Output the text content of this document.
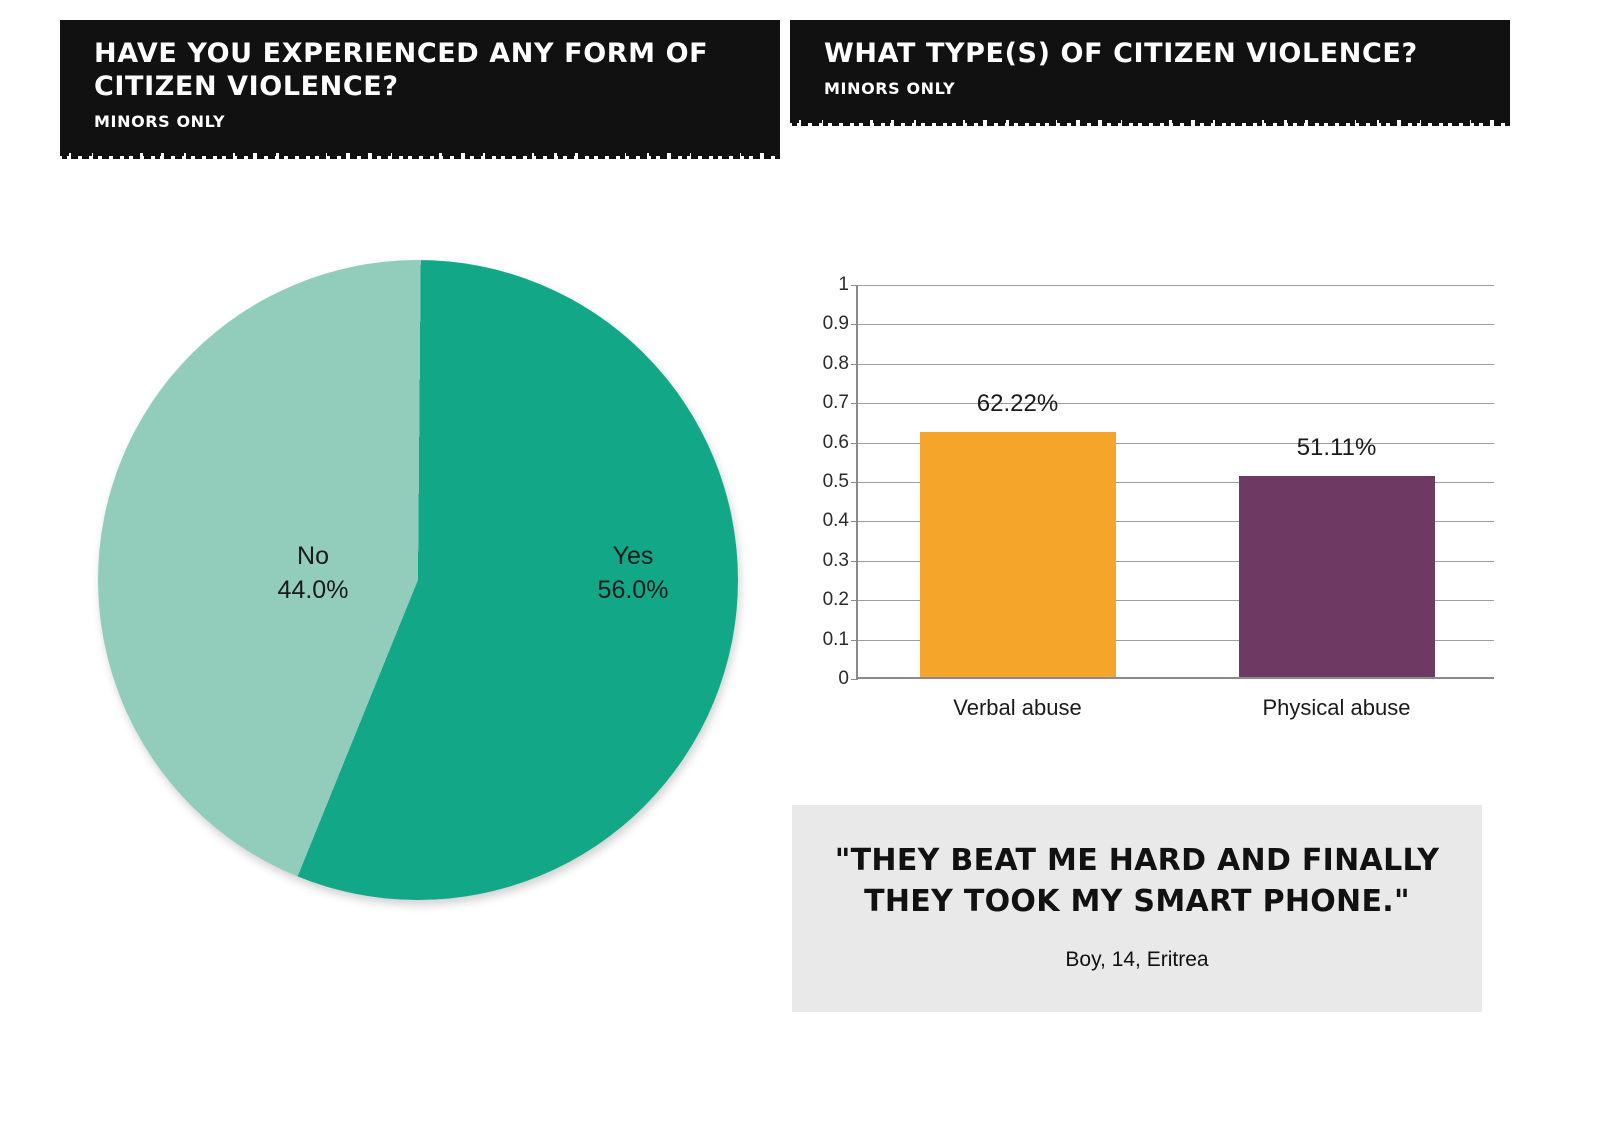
HAVE YOU EXPERIENCED ANY FORM OF CITIZEN VIOLENCE?
MINORS ONLY
No
44.0%
Yes
56.0%
WHAT TYPE(S) OF CITIZEN VIOLENCE?
MINORS ONLY
0
0.1
0.2
0.3
0.4
0.5
0.6
0.7
0.8
0.9
1
62.22%
Verbal abuse
51.11%
Physical abuse
"THEY BEAT ME HARD AND FINALLY THEY TOOK MY SMART PHONE."
Boy, 14, Eritrea
